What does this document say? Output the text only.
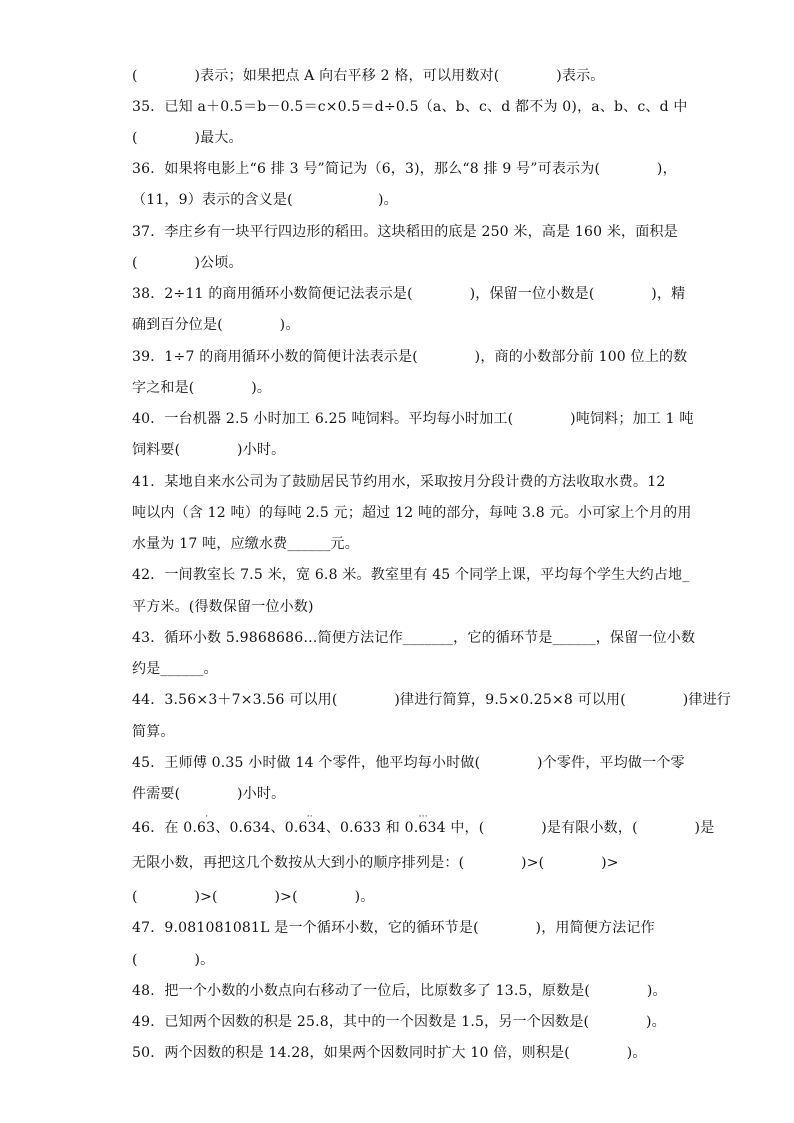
(　　　　)表示；如果把点 A 向右平移 2 格，可以用数对(　　　　)表示。
35．已知 a＋0.5＝b－0.5＝c×0.5＝d÷0.5（a、b、c、d 都不为 0)，a、b、c、d 中
(　　　　)最大。
36．如果将电影上“6 排 3 号”简记为（6，3)，那么“8 排 9 号”可表示为(　　　　)，
（11，9）表示的含义是(　　　　　　)。
37．李庄乡有一块平行四边形的稻田。这块稻田的底是 250 米，高是 160 米，面积是
(　　　　)公顷。
38．2÷11 的商用循环小数简便记法表示是(　　　　)，保留一位小数是(　　　　)，精
确到百分位是(　　　　)。
39．1÷7 的商用循环小数的简便计法表示是(　　　　)，商的小数部分前 100 位上的数
字之和是(　　　　)。
40．一台机器 2.5 小时加工 6.25 吨饲料。平均每小时加工(　　　　)吨饲料；加工 1 吨
饲料要(　　　　)小时。
41．某地自来水公司为了鼓励居民节约用水，采取按月分段计费的方法收取水费。12
吨以内（含 12 吨）的每吨 2.5 元；超过 12 吨的部分，每吨 3.8 元。小可家上个月的用
水量为 17 吨，应缴水费______元。
42．一间教室长 7.5 米，宽 6.8 米。教室里有 45 个同学上课，平均每个学生大约占地_
平方米。(得数保留一位小数)
43．循环小数 5.9868686…简便方法记作_______，它的循环节是______，保留一位小数
约是______。
44．3.56×3＋7×3.56 可以用(　　　　)律进行简算，9.5×0.25×8 可以用(　　　　)律进行
简算。
45．王师傅 0.35 小时做 14 个零件，他平均每小时做(　　　　)个零件，平均做一个零
件需要(　　　　)小时。
46．在 0.63
·
、0.634、0.634
··
、0.633 和 0.634
···
中，(　　　　)是有限小数，(　　　　)是
无限小数，再把这几个数按从大到小的顺序排列是：(　　　　)>(　　　　)>
(　　　　)>(　　　　)>(　　　　)。
47．9.081081081L 是一个循环小数，它的循环节是(　　　　)，用简便方法记作
(　　　　)。
48．把一个小数的小数点向右移动了一位后，比原数多了 13.5，原数是(　　　　)。
49．已知两个因数的积是 25.8，其中的一个因数是 1.5，另一个因数是(　　　　)。
50．两个因数的积是 14.28，如果两个因数同时扩大 10 倍，则积是(　　　　)。
